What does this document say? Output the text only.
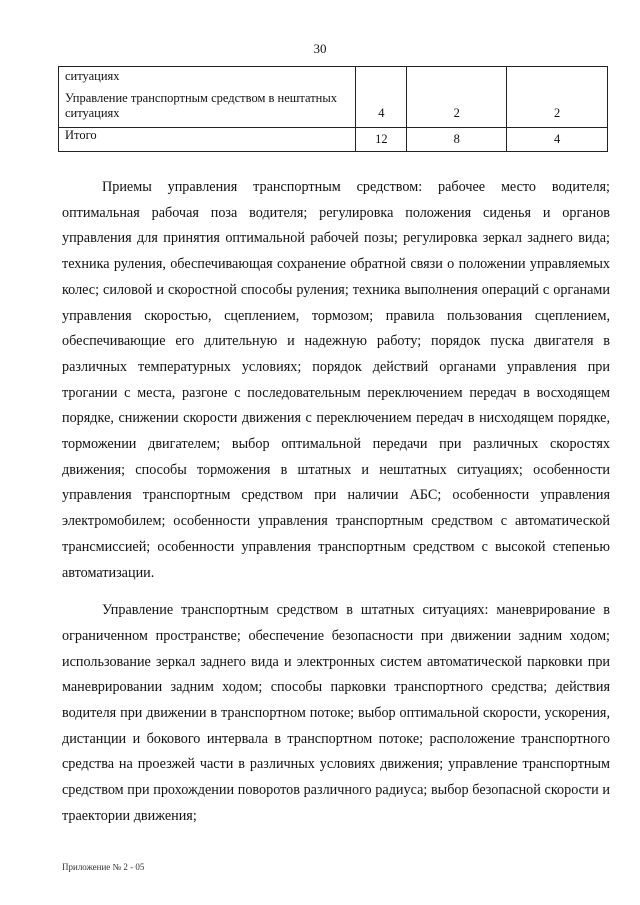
30
ситуациях
Управление транспортным средством в нештатных ситуациях	4	2	2
Итого	12	8	4

Приемы управления транспортным средством: рабочее место водителя; оптимальная рабочая поза водителя; регулировка положения сиденья и органов управления для принятия оптимальной рабочей позы; регулировка зеркал заднего вида; техника руления, обеспечивающая сохранение обратной связи о положении управляемых колес; силовой и скоростной способы руления; техника выполнения операций с органами управления скоростью, сцеплением, тормозом; правила пользования сцеплением, обеспечивающие его длительную и надежную работу; порядок пуска двигателя в различных температурных условиях; порядок действий органами управления при трогании с места, разгоне с последовательным переключением передач в восходящем порядке, снижении скорости движения с переключением передач в нисходящем порядке, торможении двигателем; выбор оптимальной передачи при различных скоростях движения; способы торможения в штатных и нештатных ситуациях; особенности управления транспортным средством при наличии АБС; особенности управления электромобилем; особенности управления транспортным средством с автоматической трансмиссией; особенности управления транспортным средством с высокой степенью автоматизации.

Управление транспортным средством в штатных ситуациях: маневрирование в ограниченном пространстве; обеспечение безопасности при движении задним ходом; использование зеркал заднего вида и электронных систем автоматической парковки при маневрировании задним ходом; способы парковки транспортного средства; действия водителя при движении в транспортном потоке; выбор оптимальной скорости, ускорения, дистанции и бокового интервала в транспортном потоке; расположение транспортного средства на проезжей части в различных условиях движения; управление транспортным средством при прохождении поворотов различного радиуса; выбор безопасной скорости и траектории движения;

Приложение № 2 - 05
